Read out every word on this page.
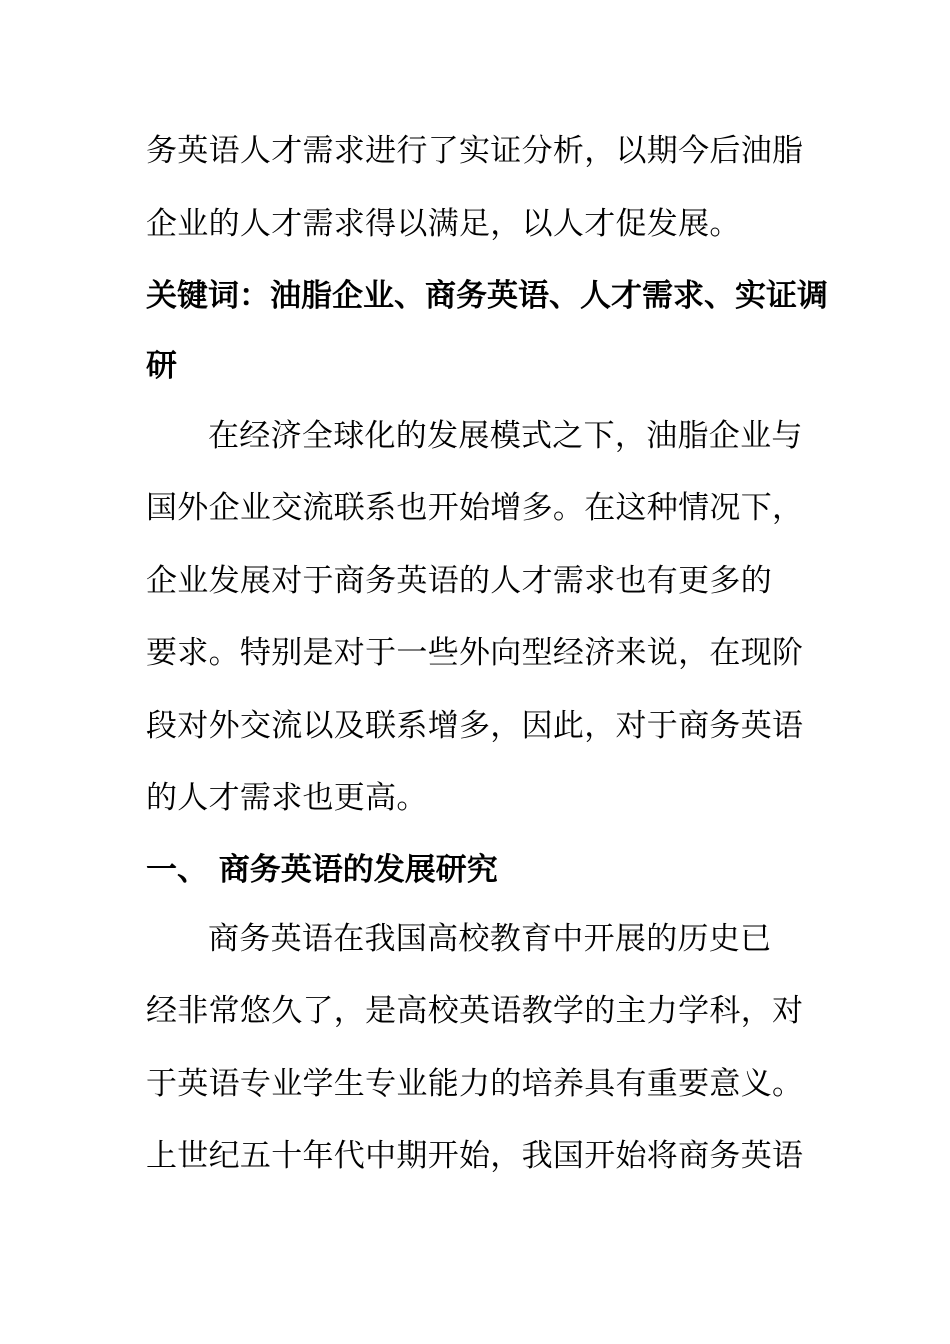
务英语人才需求进行了实证分析，以期今后油脂
企业的人才需求得以满足，以人才促发展。
关键词：油脂企业、商务英语、人才需求、实证调
研
在经济全球化的发展模式之下，油脂企业与
国外企业交流联系也开始增多。在这种情况下，
企业发展对于商务英语的人才需求也有更多的
要求。特别是对于一些外向型经济来说，在现阶
段对外交流以及联系增多，因此，对于商务英语
的人才需求也更高。
一、 商务英语的发展研究
商务英语在我国高校教育中开展的历史已
经非常悠久了，是高校英语教学的主力学科，对
于英语专业学生专业能力的培养具有重要意义。
上世纪五十年代中期开始，我国开始将商务英语
